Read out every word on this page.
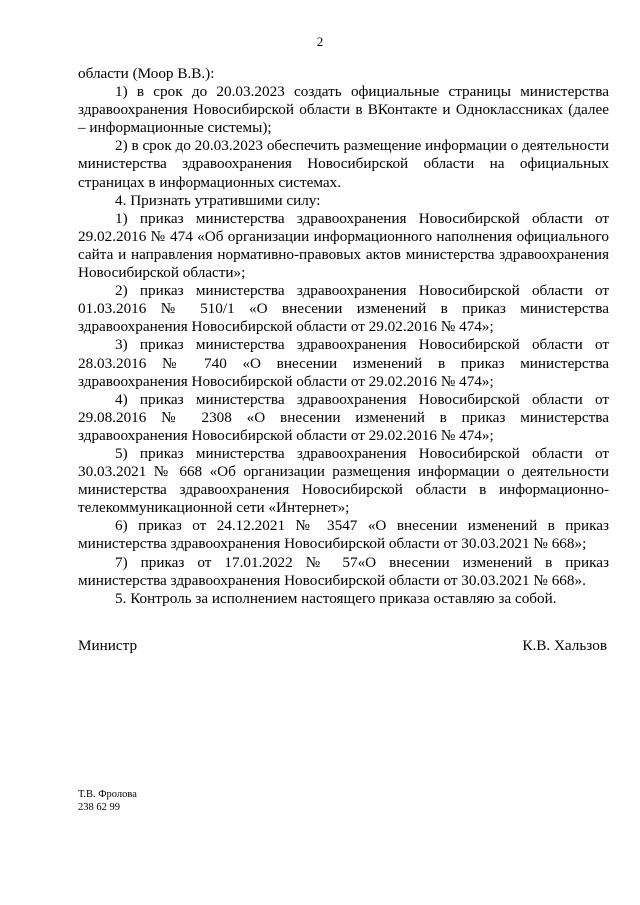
2

области (Моор В.В.):

1) в срок до 20.03.2023 создать официальные страницы министерства здравоохранения Новосибирской области в ВКонтакте и Одноклассниках (далее – информационные системы);

2) в срок до 20.03.2023 обеспечить размещение информации о деятельности министерства здравоохранения Новосибирской области на официальных страницах в информационных системах.

4. Признать утратившими силу:

1) приказ министерства здравоохранения Новосибирской области от 29.02.2016 № 474 «Об организации информационного наполнения официального сайта и направления нормативно-правовых актов министерства здравоохранения Новосибирской области»;

2) приказ министерства здравоохранения Новосибирской области от 01.03.2016 № 510/1 «О внесении изменений в приказ министерства здравоохранения Новосибирской области от 29.02.2016 № 474»;

3) приказ министерства здравоохранения Новосибирской области от 28.03.2016 № 740 «О внесении изменений в приказ министерства здравоохранения Новосибирской области от 29.02.2016 № 474»;

4) приказ министерства здравоохранения Новосибирской области от 29.08.2016 № 2308 «О внесении изменений в приказ министерства здравоохранения Новосибирской области от 29.02.2016 № 474»;

5) приказ министерства здравоохранения Новосибирской области от 30.03.2021 № 668 «Об организации размещения информации о деятельности министерства здравоохранения Новосибирской области в информационно-телекоммуникационной сети «Интернет»;

6) приказ от 24.12.2021 № 3547 «О внесении изменений в приказ министерства здравоохранения Новосибирской области от 30.03.2021 № 668»;

7) приказ от 17.01.2022 № 57«О внесении изменений в приказ министерства здравоохранения Новосибирской области от 30.03.2021 № 668».

5. Контроль за исполнением настоящего приказа оставляю за собой.

Министр	К.В. Хальзов
Т.В. Фролова
238 62 99
